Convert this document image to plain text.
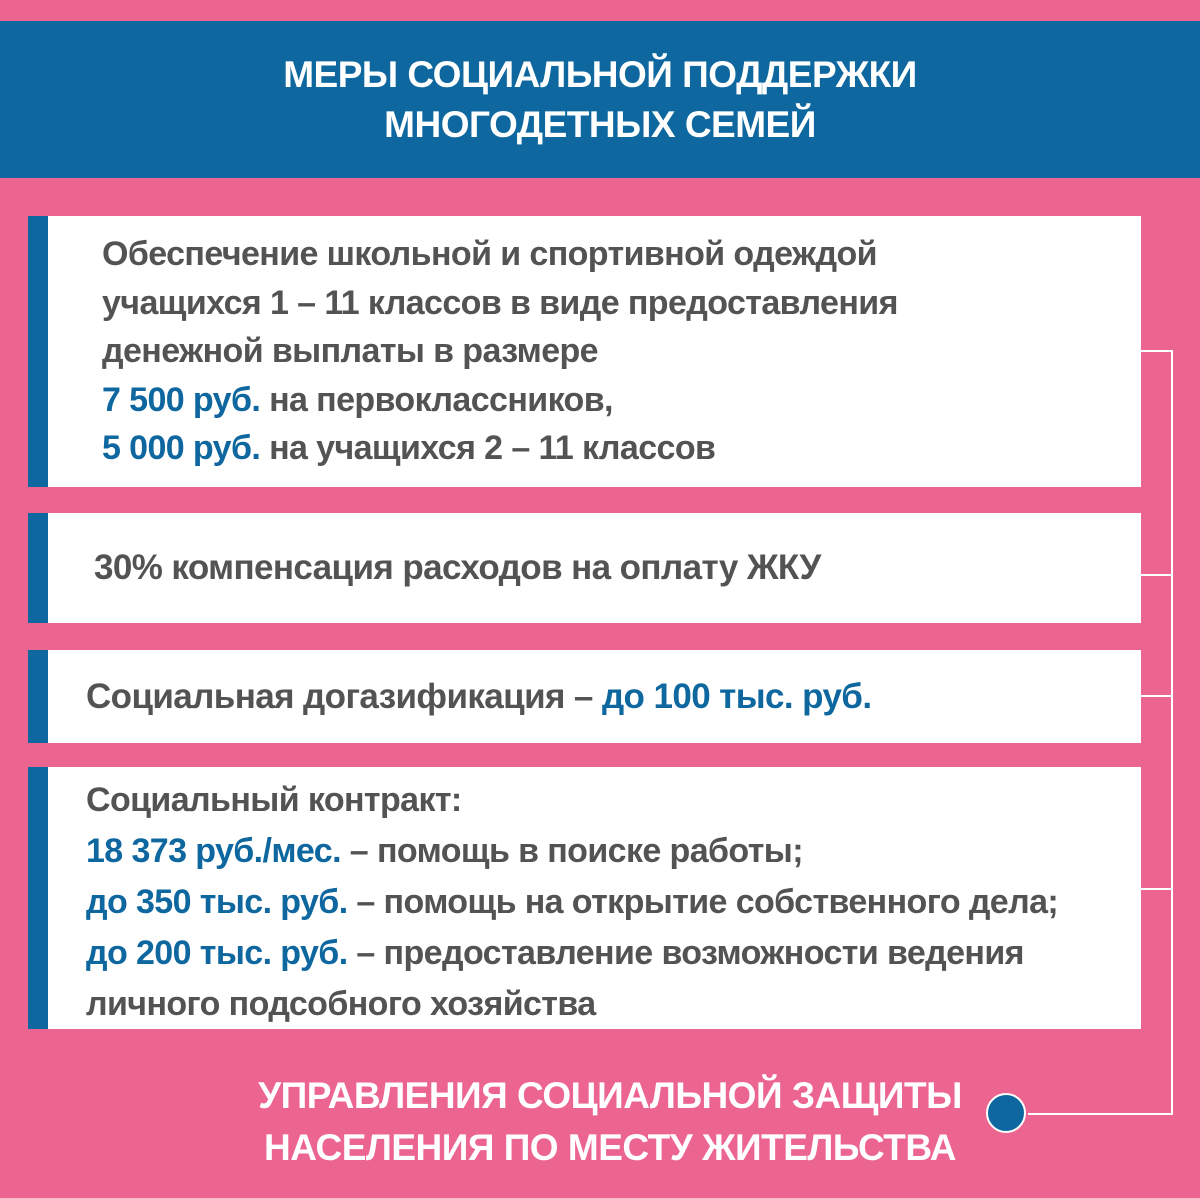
МЕРЫ СОЦИАЛЬНОЙ ПОДДЕРЖКИ
МНОГОДЕТНЫХ СЕМЕЙ
Обеспечение школьной и спортивной одеждой
учащихся 1 – 11 классов в виде предоставления
денежной выплаты в размере
7 500 руб. на первоклассников,
5 000 руб. на учащихся 2 – 11 классов
30% компенсация расходов на оплату ЖКУ
Социальная догазификация – до 100 тыс. руб.
Социальный контракт:
18 373 руб./мес. – помощь в поиске работы;
до 350 тыс. руб. – помощь на открытие собственного дела;
до 200 тыс. руб. – предоставление возможности ведения
личного подсобного хозяйства
УПРАВЛЕНИЯ СОЦИАЛЬНОЙ ЗАЩИТЫ
НАСЕЛЕНИЯ ПО МЕСТУ ЖИТЕЛЬСТВА
